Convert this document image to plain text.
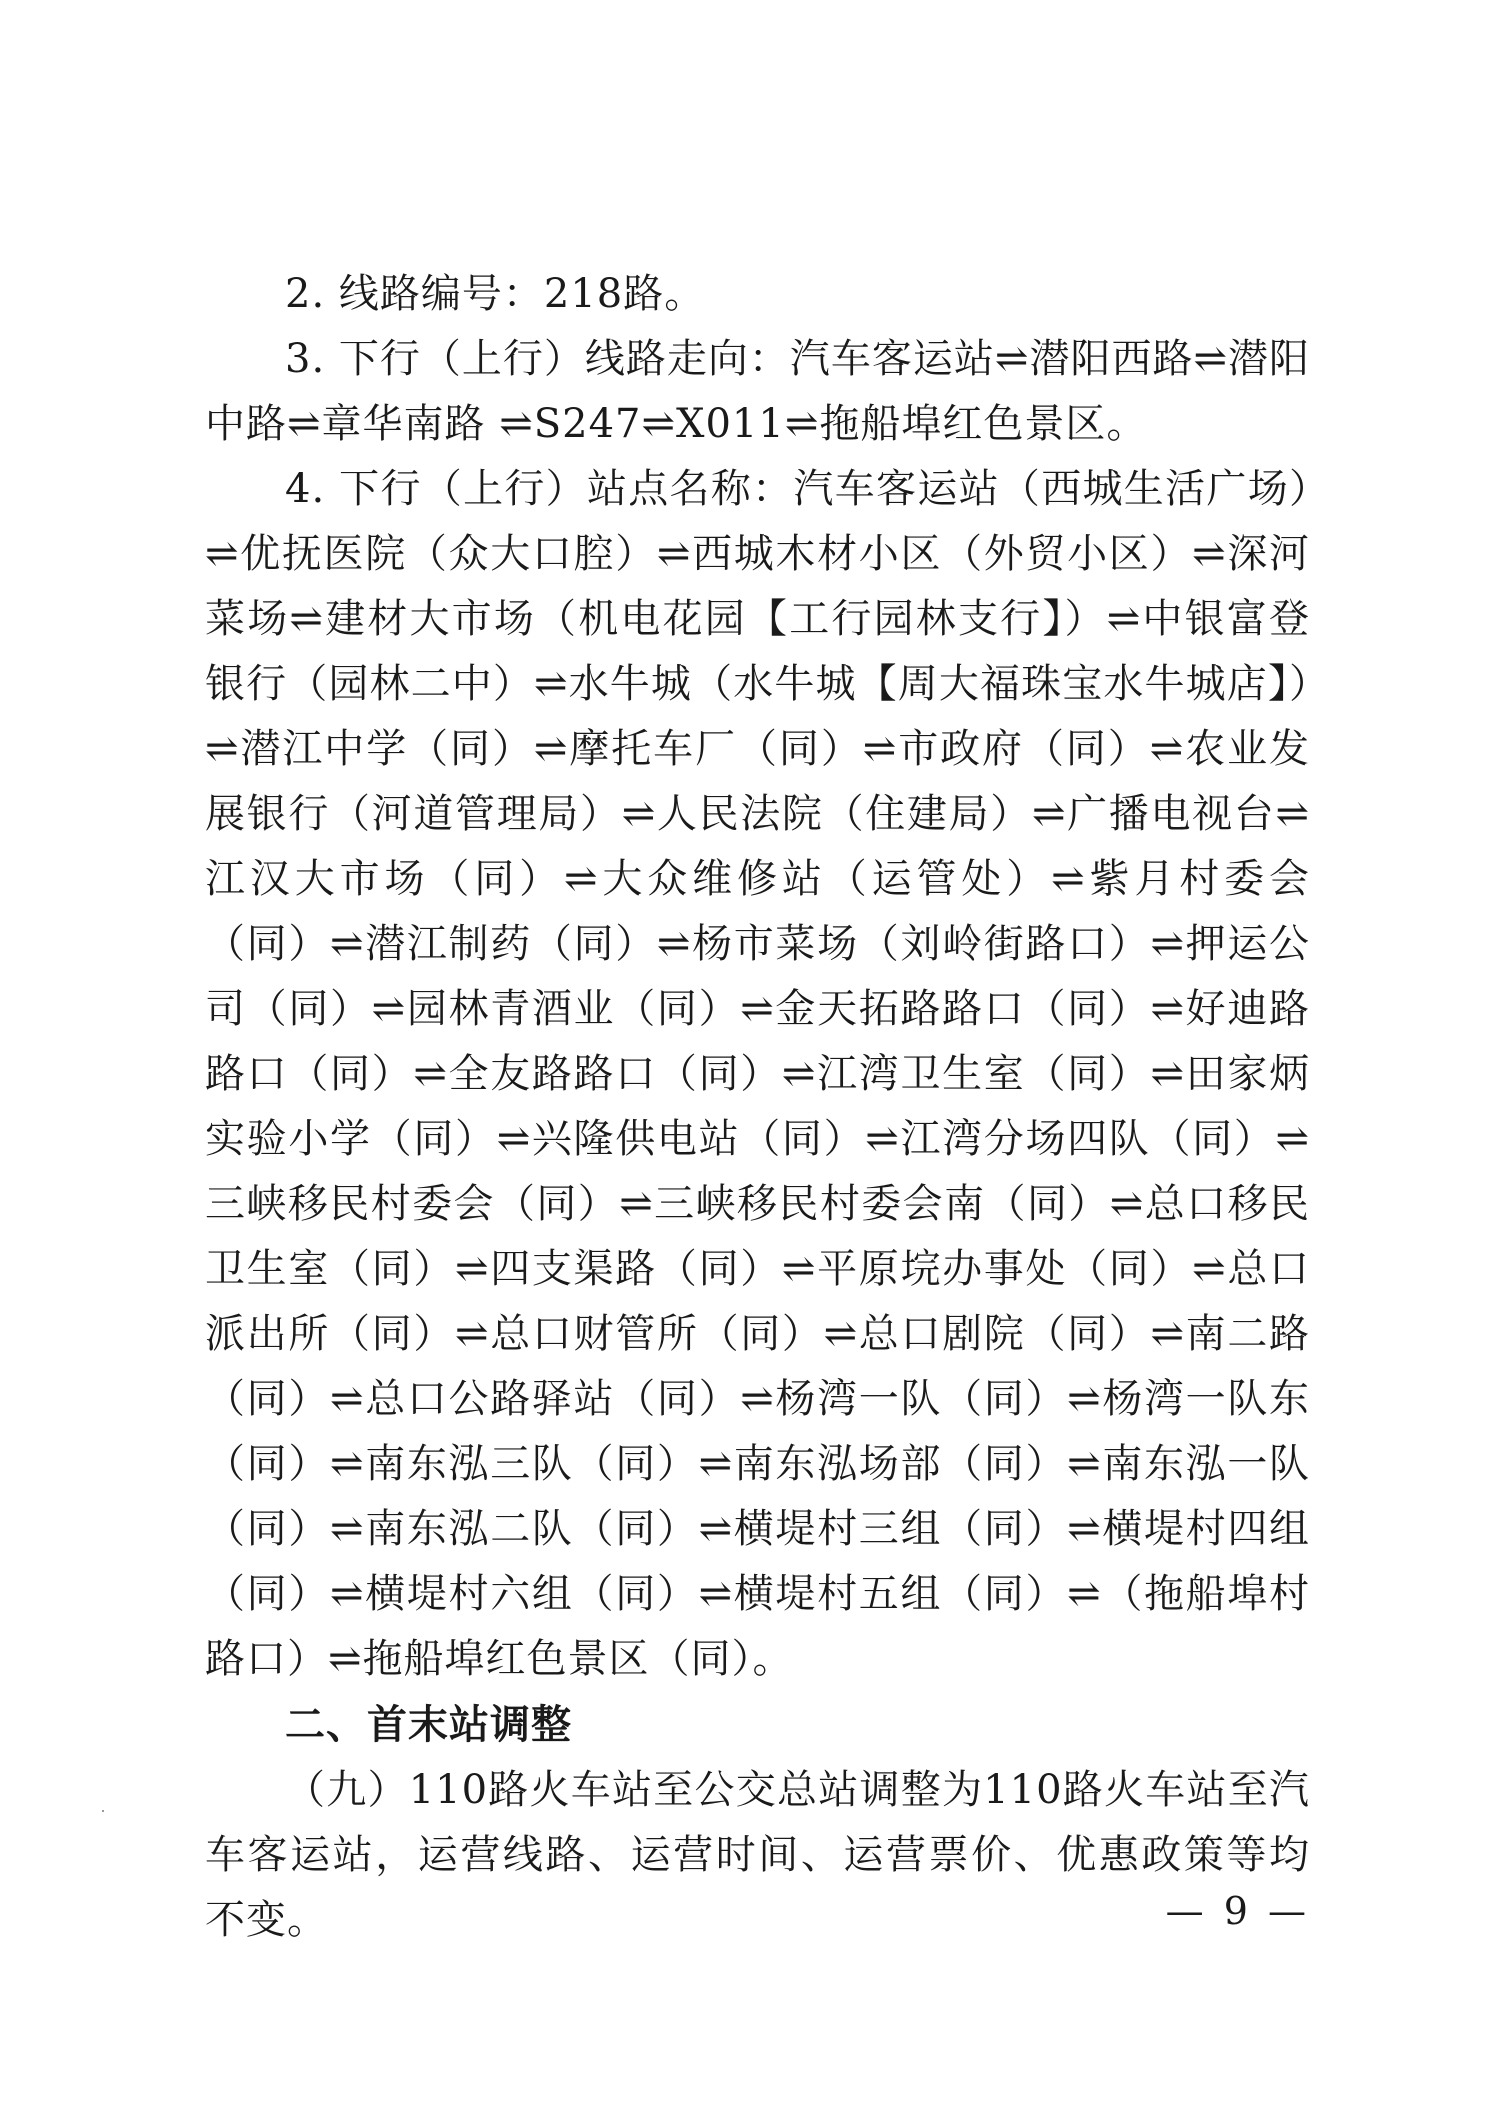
2. 线路编号：218路。

3. 下行（上行）线路走向：汽车客运站⇌潜阳西路⇌潜阳中路⇌章华南路 ⇌S247⇌X011⇌拖船埠红色景区。

4. 下行（上行）站点名称：汽车客运站（西城生活广场）⇌优抚医院（众大口腔）⇌西城木材小区（外贸小区）⇌深河菜场⇌建材大市场（机电花园【工行园林支行】）⇌中银富登银行（园林二中）⇌水牛城（水牛城【周大福珠宝水牛城店】）⇌潜江中学（同）⇌摩托车厂（同）⇌市政府（同）⇌农业发展银行（河道管理局）⇌人民法院（住建局）⇌广播电视台⇌江汉大市场（同）⇌大众维修站（运管处）⇌紫月村委会（同）⇌潜江制药（同）⇌杨市菜场（刘岭街路口）⇌押运公司（同）⇌园林青酒业（同）⇌金天拓路路口（同）⇌好迪路路口（同）⇌全友路路口（同）⇌江湾卫生室（同）⇌田家炳实验小学（同）⇌兴隆供电站（同）⇌江湾分场四队（同）⇌三峡移民村委会（同）⇌三峡移民村委会南（同）⇌总口移民卫生室（同）⇌四支渠路（同）⇌平原垸办事处（同）⇌总口派出所（同）⇌总口财管所（同）⇌总口剧院（同）⇌南二路（同）⇌总口公路驿站（同）⇌杨湾一队（同）⇌杨湾一队东（同）⇌南东泓三队（同）⇌南东泓场部（同）⇌南东泓一队（同）⇌南东泓二队（同）⇌横堤村三组（同）⇌横堤村四组（同）⇌横堤村六组（同）⇌横堤村五组（同）⇌（拖船埠村路口）⇌拖船埠红色景区（同）。

二、首末站调整

（九）110路火车站至公交总站调整为110路火车站至汽车客运站，运营线路、运营时间、运营票价、优惠政策等均不变。	— 9 —
